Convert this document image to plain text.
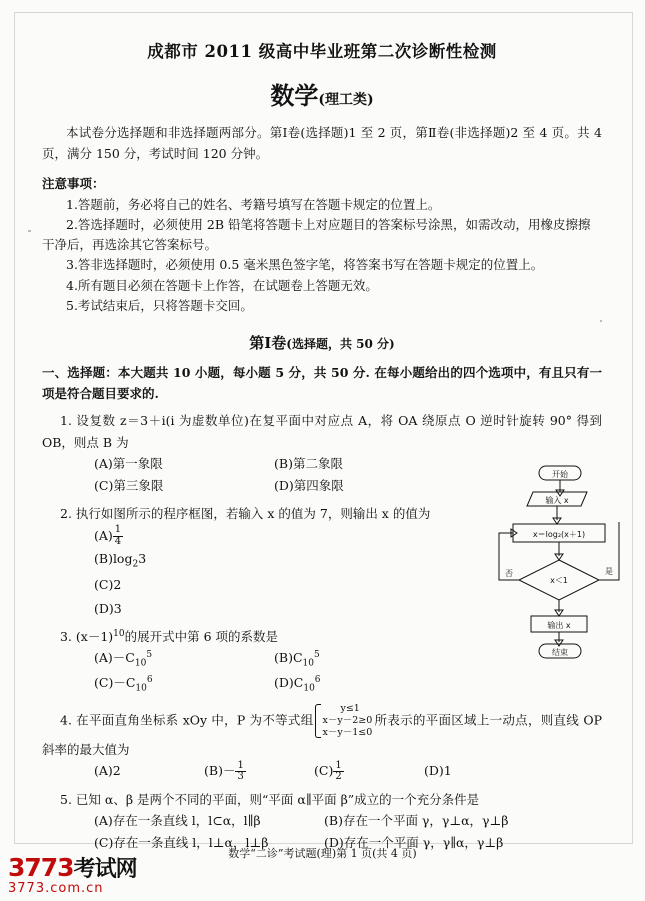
成都市 2011 级高中毕业班第二次诊断性检测
数学(理工类)
本试卷分选择题和非选择题两部分。第Ⅰ卷(选择题)1 至 2 页，第Ⅱ卷(非选择题)2 至 4 页。共 4 页，满分 150 分，考试时间 120 分钟。
注意事项：
1.答题前，务必将自己的姓名、考籍号填写在答题卡规定的位置上。
2.答选择题时，必须使用 2B 铅笔将答题卡上对应题目的答案标号涂黑，如需改动，用橡皮擦擦干净后，再选涂其它答案标号。
3.答非选择题时，必须使用 0.5 毫米黑色签字笔，将答案书写在答题卡规定的位置上。
4.所有题目必须在答题卡上作答，在试题卷上答题无效。
5.考试结束后，只将答题卡交回。
第Ⅰ卷(选择题，共 50 分)
一、选择题：本大题共 10 小题，每小题 5 分，共 50 分. 在每小题给出的四个选项中，有且只有一项是符合题目要求的.
1. 设复数 z＝3＋i(i 为虚数单位)在复平面中对应点 A，将 OA 绕原点 O 逆时针旋转 90° 得到 OB，则点 B 为
(A)第一象限	(B)第二象限
(C)第三象限	(D)第四象限
2. 执行如图所示的程序框图，若输入 x 的值为 7，则输出 x 的值为
$(A) \frac{1}{4}$
$(B)\log_23$
(C)2
(D)3
3. $(x-1)^{10}$的展开式中第 6 项的系数是
$(A)-C_{10}^5$	$(B)C_{10}^5$
$(C)-C_{10}^6$	$(D)C_{10}^6$
4. 在平面直角坐标系 xOy 中，P 为不等式组y≤1
x－y－2≥0
x－y－1≤0所表示的平面区域上一动点，则直线 OP 斜率的最大值为
(A)2	$(B)- \frac{1}{3}$	$(C) \frac{1}{2}$	(D)1
5. 已知 α、β 是两个不同的平面，则“平面 α∥平面 β”成立的一个充分条件是
(A)存在一条直线 l，l⊂α，l∥β	(B)存在一个平面 γ，γ⊥α，γ⊥β
(C)存在一条直线 l，l⊥α，l⊥β	(D)存在一个平面 γ，γ∥α，γ⊥β
开始
输入 x
x＝log₂(x＋1)
x＜1
否	是
输出 x
结束
数学“二诊”考试题(理)第 1 页(共 4 页)
3773考试网
3773.com.cn
